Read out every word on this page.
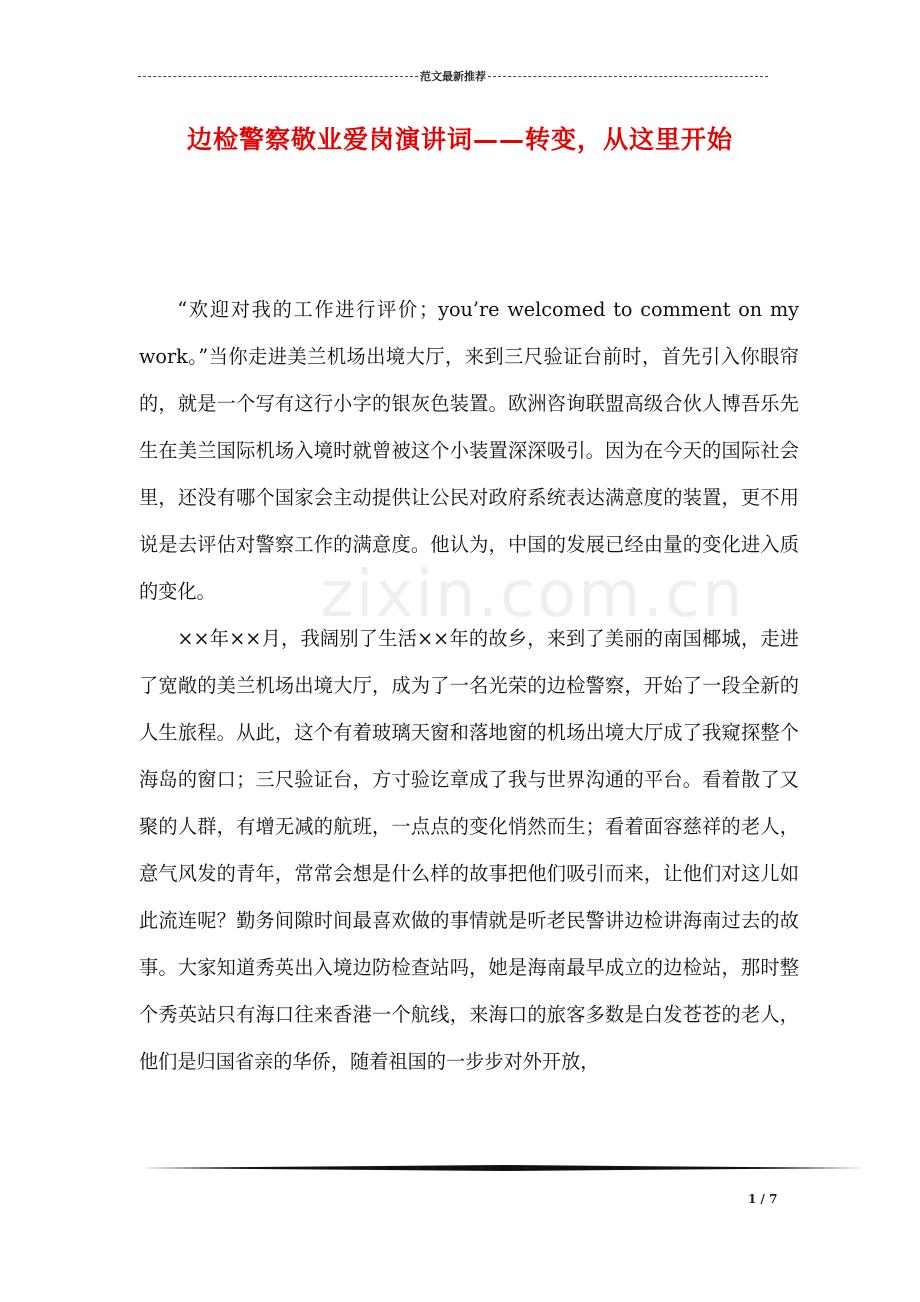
范文最新推荐
边检警察敬业爱岗演讲词——转变，从这里开始
zixin.com.cn

“欢迎对我的工作进行评价；you’re welcomed to comment on my work。”当你走进美兰机场出境大厅，来到三尺验证台前时，首先引入你眼帘的，就是一个写有这行小字的银灰色装置。欧洲咨询联盟高级合伙人博吾乐先生在美兰国际机场入境时就曾被这个小装置深深吸引。因为在今天的国际社会里，还没有哪个国家会主动提供让公民对政府系统表达满意度的装置，更不用说是去评估对警察工作的满意度。他认为，中国的发展已经由量的变化进入质的变化。

××年××月，我阔别了生活××年的故乡，来到了美丽的南国椰城，走进了宽敞的美兰机场出境大厅，成为了一名光荣的边检警察，开始了一段全新的人生旅程。从此，这个有着玻璃天窗和落地窗的机场出境大厅成了我窥探整个海岛的窗口；三尺验证台，方寸验讫章成了我与世界沟通的平台。看着散了又聚的人群，有增无减的航班，一点点的变化悄然而生；看着面容慈祥的老人，意气风发的青年，常常会想是什么样的故事把他们吸引而来，让他们对这儿如此流连呢？勤务间隙时间最喜欢做的事情就是听老民警讲边检讲海南过去的故事。大家知道秀英出入境边防检查站吗，她是海南最早成立的边检站，那时整个秀英站只有海口往来香港一个航线，来海口的旅客多数是白发苍苍的老人，他们是归国省亲的华侨，随着祖国的一步步对外开放，

1 / 7
